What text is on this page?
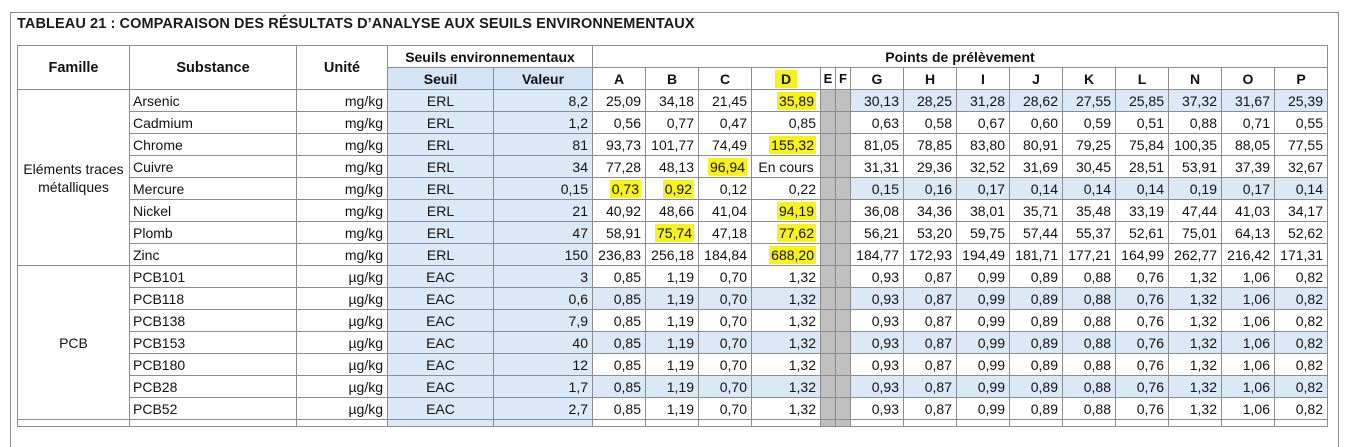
TABLEAU 21 : COMPARAISON DES RÉSULTATS D’ANALYSE AUX SEUILS ENVIRONNEMENTAUX
Famille	Substance	Unité	Seuils environnementaux		Points de prélèvement														
			Seuil	Valeur	A	B	C	D	E	F	G	H	I	J	K	L	N	O	P
Eléments traces métalliques	Arsenic	mg/kg	ERL	8,2	25,09	34,18	21,45	35,89			30,13	28,25	31,28	28,62	27,55	25,85	37,32	31,67	25,39
	Cadmium	mg/kg	ERL	1,2	0,56	0,77	0,47	0,85			0,63	0,58	0,67	0,60	0,59	0,51	0,88	0,71	0,55
	Chrome	mg/kg	ERL	81	93,73	101,77	74,49	155,32			81,05	78,85	83,80	80,91	79,25	75,84	100,35	88,05	77,55
	Cuivre	mg/kg	ERL	34	77,28	48,13	96,94	En cours			31,31	29,36	32,52	31,69	30,45	28,51	53,91	37,39	32,67
	Mercure	mg/kg	ERL	0,15	0,73	0,92	0,12	0,22			0,15	0,16	0,17	0,14	0,14	0,14	0,19	0,17	0,14
	Nickel	mg/kg	ERL	21	40,92	48,66	41,04	94,19			36,08	34,36	38,01	35,71	35,48	33,19	47,44	41,03	34,17
	Plomb	mg/kg	ERL	47	58,91	75,74	47,18	77,62			56,21	53,20	59,75	57,44	55,37	52,61	75,01	64,13	52,62
	Zinc	mg/kg	ERL	150	236,83	256,18	184,84	688,20			184,77	172,93	194,49	181,71	177,21	164,99	262,77	216,42	171,31
PCB	PCB101	µg/kg	EAC	3	0,85	1,19	0,70	1,32			0,93	0,87	0,99	0,89	0,88	0,76	1,32	1,06	0,82
	PCB118	µg/kg	EAC	0,6	0,85	1,19	0,70	1,32			0,93	0,87	0,99	0,89	0,88	0,76	1,32	1,06	0,82
	PCB138	µg/kg	EAC	7,9	0,85	1,19	0,70	1,32			0,93	0,87	0,99	0,89	0,88	0,76	1,32	1,06	0,82
	PCB153	µg/kg	EAC	40	0,85	1,19	0,70	1,32			0,93	0,87	0,99	0,89	0,88	0,76	1,32	1,06	0,82
	PCB180	µg/kg	EAC	12	0,85	1,19	0,70	1,32			0,93	0,87	0,99	0,89	0,88	0,76	1,32	1,06	0,82
	PCB28	µg/kg	EAC	1,7	0,85	1,19	0,70	1,32			0,93	0,87	0,99	0,89	0,88	0,76	1,32	1,06	0,82
	PCB52	µg/kg	EAC	2,7	0,85	1,19	0,70	1,32			0,93	0,87	0,99	0,89	0,88	0,76	1,32	1,06	0,82
